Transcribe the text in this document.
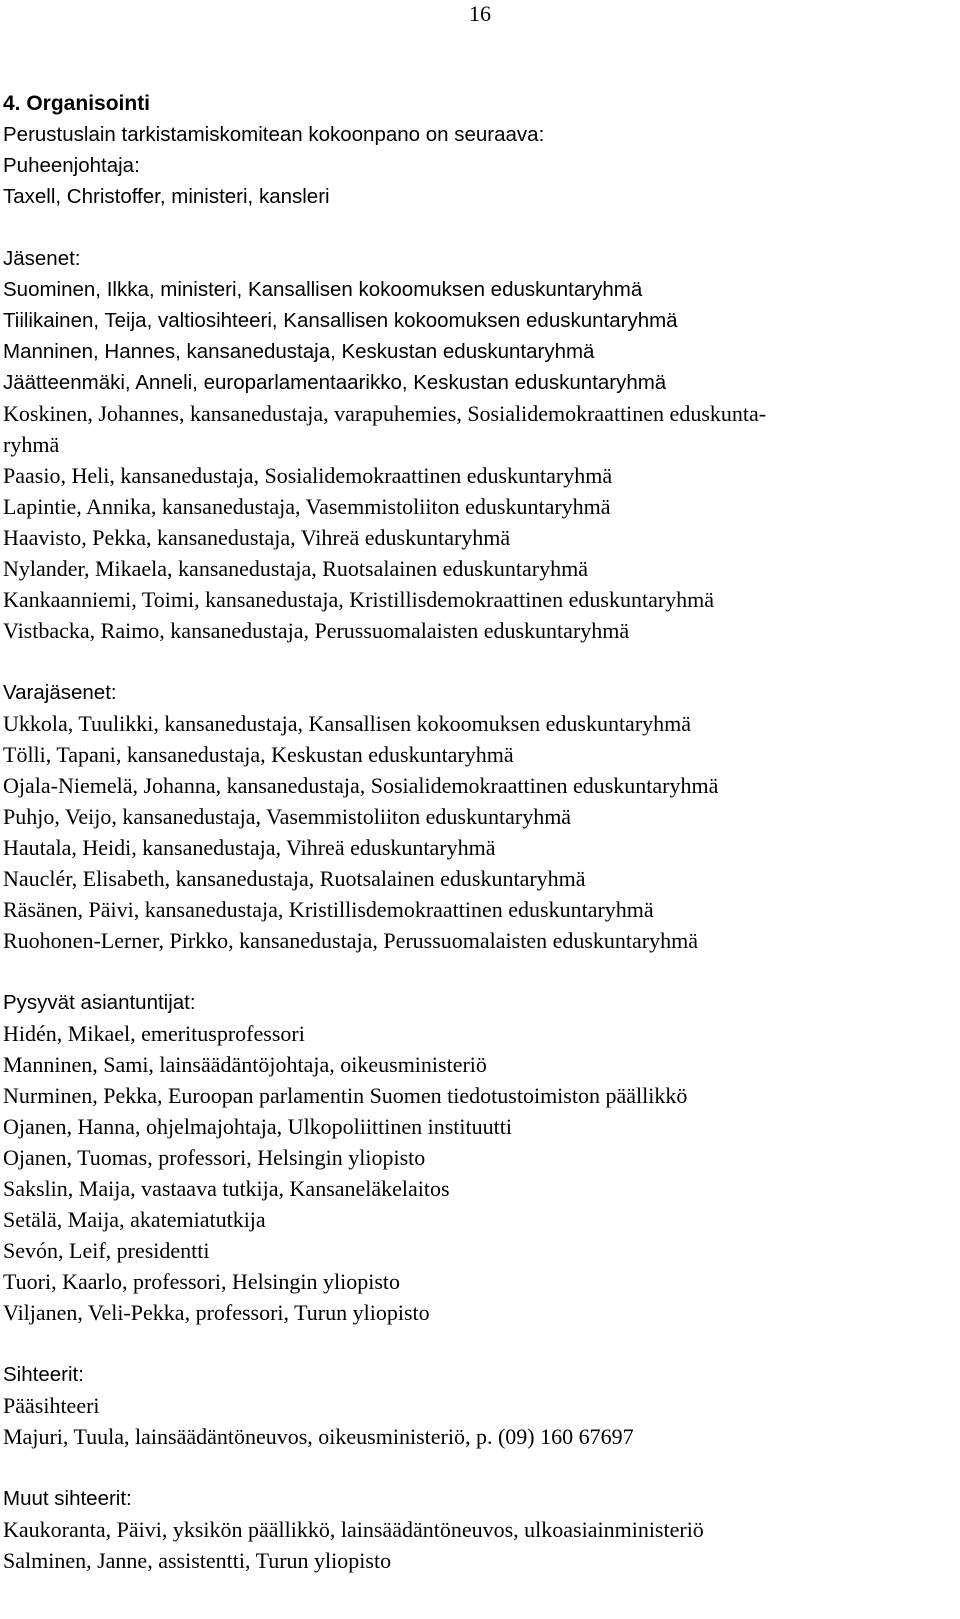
16
4. Organisointi
Perustuslain tarkistamiskomitean kokoonpano on seuraava:
Puheenjohtaja:
Taxell, Christoffer, ministeri, kansleri
Jäsenet:
Suominen, Ilkka, ministeri, Kansallisen kokoomuksen eduskuntaryhmä
Tiilikainen, Teija, valtiosihteeri, Kansallisen kokoomuksen eduskuntaryhmä
Manninen, Hannes, kansanedustaja, Keskustan eduskuntaryhmä
Jäätteenmäki, Anneli, europarlamentaarikko, Keskustan eduskuntaryhmä
Koskinen, Johannes, kansanedustaja, varapuhemies, Sosialidemokraattinen eduskunta-
ryhmä
Paasio, Heli, kansanedustaja, Sosialidemokraattinen eduskuntaryhmä
Lapintie, Annika, kansanedustaja, Vasemmistoliiton eduskuntaryhmä
Haavisto, Pekka, kansanedustaja, Vihreä eduskuntaryhmä
Nylander, Mikaela, kansanedustaja, Ruotsalainen eduskuntaryhmä
Kankaanniemi, Toimi, kansanedustaja, Kristillisdemokraattinen eduskuntaryhmä
Vistbacka, Raimo, kansanedustaja, Perussuomalaisten eduskuntaryhmä
Varajäsenet:
Ukkola, Tuulikki, kansanedustaja, Kansallisen kokoomuksen eduskuntaryhmä
Tölli, Tapani, kansanedustaja, Keskustan eduskuntaryhmä
Ojala-Niemelä, Johanna, kansanedustaja, Sosialidemokraattinen eduskuntaryhmä
Puhjo, Veijo, kansanedustaja, Vasemmistoliiton eduskuntaryhmä
Hautala, Heidi, kansanedustaja, Vihreä eduskuntaryhmä
Nauclér, Elisabeth, kansanedustaja, Ruotsalainen eduskuntaryhmä
Räsänen, Päivi, kansanedustaja, Kristillisdemokraattinen eduskuntaryhmä
Ruohonen-Lerner, Pirkko, kansanedustaja, Perussuomalaisten eduskuntaryhmä
Pysyvät asiantuntijat:
Hidén, Mikael, emeritusprofessori
Manninen, Sami, lainsäädäntöjohtaja, oikeusministeriö
Nurminen, Pekka, Euroopan parlamentin Suomen tiedotustoimiston päällikkö
Ojanen, Hanna, ohjelmajohtaja, Ulkopoliittinen instituutti
Ojanen, Tuomas, professori, Helsingin yliopisto
Sakslin, Maija, vastaava tutkija, Kansaneläkelaitos
Setälä, Maija, akatemiatutkija
Sevón, Leif, presidentti
Tuori, Kaarlo, professori, Helsingin yliopisto
Viljanen, Veli-Pekka, professori, Turun yliopisto
Sihteerit:
Pääsihteeri
Majuri, Tuula, lainsäädäntöneuvos, oikeusministeriö, p. (09) 160 67697
Muut sihteerit:
Kaukoranta, Päivi, yksikön päällikkö, lainsäädäntöneuvos, ulkoasiainministeriö
Salminen, Janne, assistentti, Turun yliopisto
